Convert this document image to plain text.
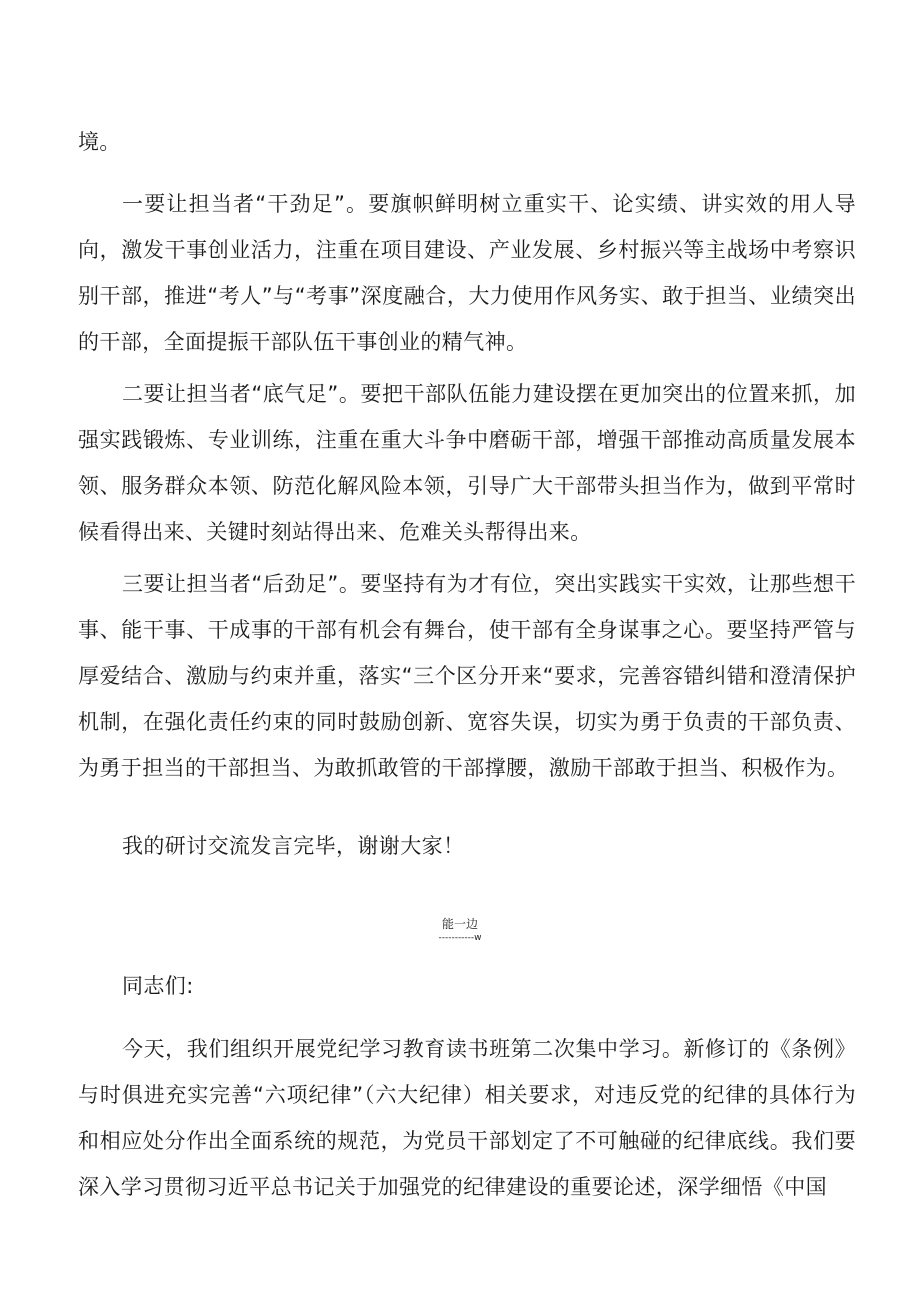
境。

一要让担当者“干劲足”。要旗帜鲜明树立重实干、论实绩、讲实效的用人导向，激发干事创业活力，注重在项目建设、产业发展、乡村振兴等主战场中考察识别干部，推进“考人”与“考事”深度融合，大力使用作风务实、敢于担当、业绩突出的干部，全面提振干部队伍干事创业的精气神。

二要让担当者“底气足”。要把干部队伍能力建设摆在更加突出的位置来抓，加强实践锻炼、专业训练，注重在重大斗争中磨砺干部，增强干部推动高质量发展本领、服务群众本领、防范化解风险本领，引导广大干部带头担当作为，做到平常时候看得出来、关键时刻站得出来、危难关头帮得出来。

三要让担当者“后劲足”。要坚持有为才有位，突出实践实干实效，让那些想干事、能干事、干成事的干部有机会有舞台，使干部有全身谋事之心。要坚持严管与厚爱结合、激励与约束并重，落实“三个区分开来“要求，完善容错纠错和澄清保护机制，在强化责任约束的同时鼓励创新、宽容失误，切实为勇于负责的干部负责、为勇于担当的干部担当、为敢抓敢管的干部撑腰，激励干部敢于担当、积极作为。

我的研讨交流发言完毕，谢谢大家！

能一边
-----------w

同志们:

今天，我们组织开展党纪学习教育读书班第二次集中学习。新修订的《条例》与时俱进充实完善“六项纪律”（六大纪律）相关要求，对违反党的纪律的具体行为和相应处分作出全面系统的规范，为党员干部划定了不可触碰的纪律底线。我们要深入学习贯彻习近平总书记关于加强党的纪律建设的重要论述，深学细悟《中国
